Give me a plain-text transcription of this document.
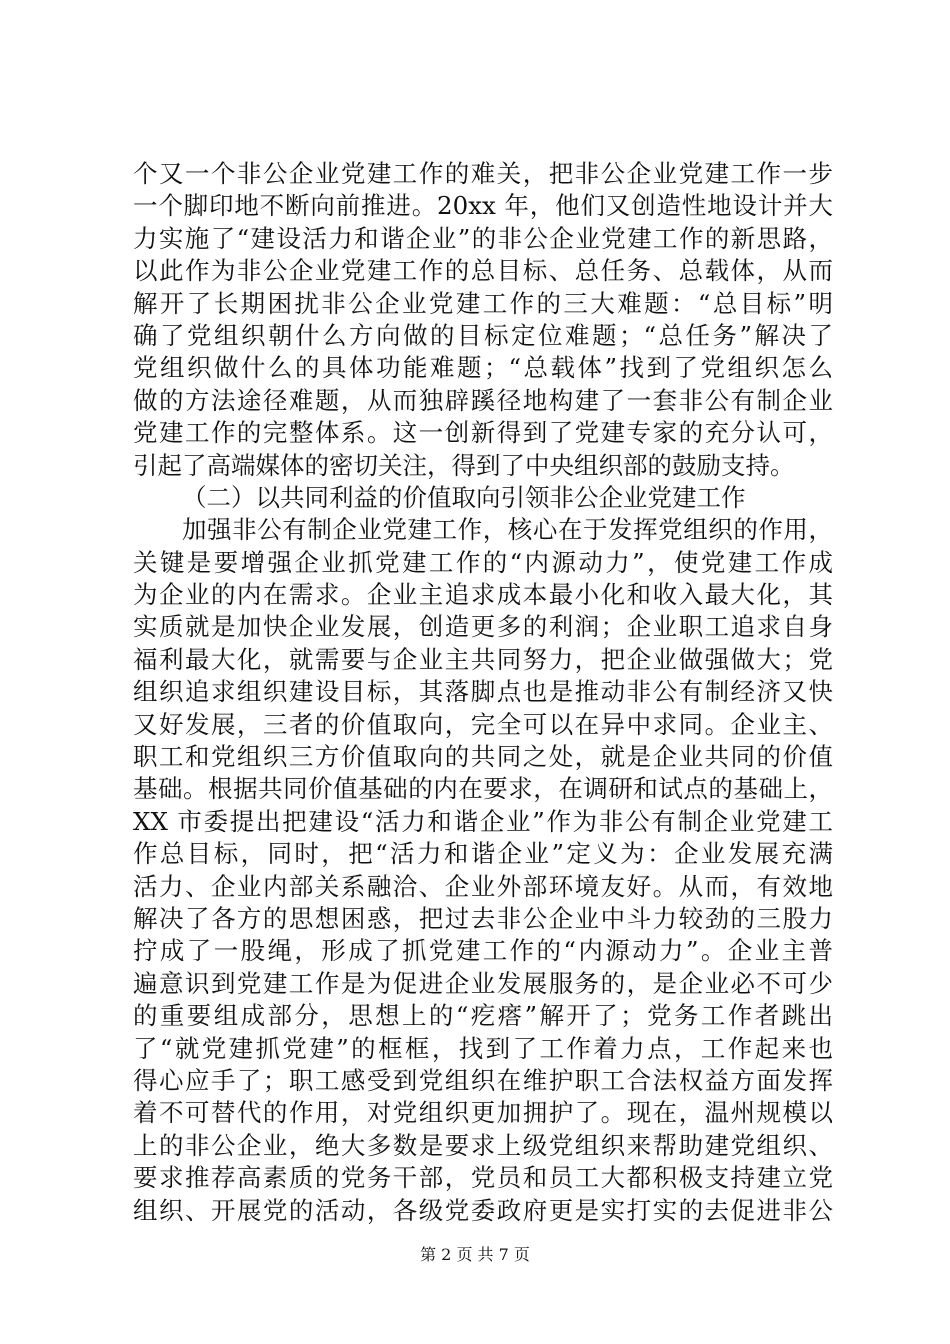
个又一个非公企业党建工作的难关，把非公企业党建工作一步
一个脚印地不断向前推进。20xx 年，他们又创造性地设计并大
力实施了“建设活力和谐企业”的非公企业党建工作的新思路，
以此作为非公企业党建工作的总目标、总任务、总载体，从而
解开了长期困扰非公企业党建工作的三大难题：“总目标”明
确了党组织朝什么方向做的目标定位难题；“总任务”解决了
党组织做什么的具体功能难题；“总载体”找到了党组织怎么
做的方法途径难题，从而独辟蹊径地构建了一套非公有制企业
党建工作的完整体系。这一创新得到了党建专家的充分认可，
引起了高端媒体的密切关注，得到了中央组织部的鼓励支持。
（二）以共同利益的价值取向引领非公企业党建工作
加强非公有制企业党建工作，核心在于发挥党组织的作用，
关键是要增强企业抓党建工作的“内源动力”，使党建工作成
为企业的内在需求。企业主追求成本最小化和收入最大化，其
实质就是加快企业发展，创造更多的利润；企业职工追求自身
福利最大化，就需要与企业主共同努力，把企业做强做大；党
组织追求组织建设目标，其落脚点也是推动非公有制经济又快
又好发展，三者的价值取向，完全可以在异中求同。企业主、
职工和党组织三方价值取向的共同之处，就是企业共同的价值
基础。根据共同价值基础的内在要求，在调研和试点的基础上，
XX 市委提出把建设“活力和谐企业”作为非公有制企业党建工
作总目标，同时，把“活力和谐企业”定义为：企业发展充满
活力、企业内部关系融洽、企业外部环境友好。从而，有效地
解决了各方的思想困惑，把过去非公企业中斗力较劲的三股力
拧成了一股绳，形成了抓党建工作的“内源动力”。企业主普
遍意识到党建工作是为促进企业发展服务的，是企业必不可少
的重要组成部分，思想上的“疙瘩”解开了；党务工作者跳出
了“就党建抓党建”的框框，找到了工作着力点，工作起来也
得心应手了；职工感受到党组织在维护职工合法权益方面发挥
着不可替代的作用，对党组织更加拥护了。现在，温州规模以
上的非公企业，绝大多数是要求上级党组织来帮助建党组织、
要求推荐高素质的党务干部，党员和员工大都积极支持建立党
组织、开展党的活动，各级党委政府更是实打实的去促进非公
第 2 页 共 7 页
